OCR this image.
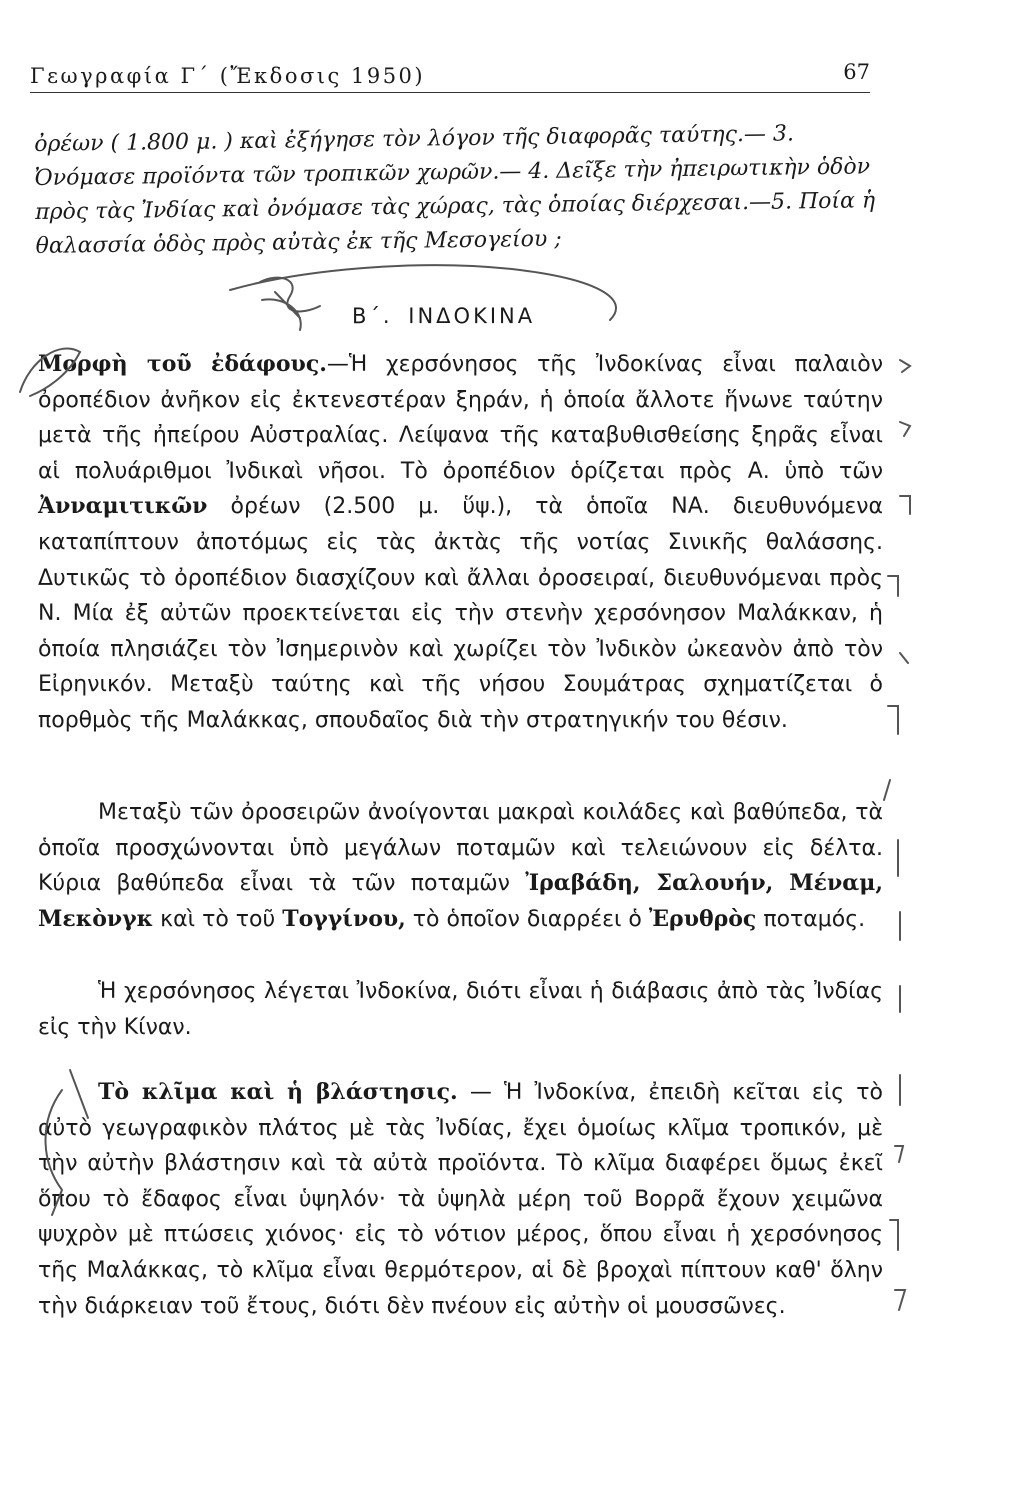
Γεωγραφία Γ΄ (Ἔκδοσις 1950)	67

ὀρέων ( 1.800 μ. ) καὶ ἐξήγησε τὸν λόγον τῆς διαφορᾶς ταύτης.— 3. Ὀνόμασε προϊόντα τῶν τροπικῶν χωρῶν.— 4. Δεῖξε τὴν ἠπειρωτικὴν ὁδὸν πρὸς τὰς Ἰνδίας καὶ ὀνόμασε τὰς χώρας, τὰς ὁποίας διέρχεσαι.—5. Ποία ἡ θαλασσία ὁδὸς πρὸς αὐτὰς ἐκ τῆς Μεσογείου ;

Β΄. ΙΝΔΟΚΙΝΑ

Μορφὴ τοῦ ἐδάφους.—Ἡ χερσόνησος τῆς Ἰνδοκίνας εἶναι παλαιὸν ὀροπέδιον ἀνῆκον εἰς ἐκτενεστέραν ξηράν, ἡ ὁποία ἄλλοτε ἥνωνε ταύτην μετὰ τῆς ἠπείρου Αὐστραλίας. Λείψανα τῆς καταβυθισθείσης ξηρᾶς εἶναι αἱ πολυάριθμοι Ἰνδικαὶ νῆσοι. Τὸ ὀροπέδιον ὁρίζεται πρὸς Α. ὑπὸ τῶν Ἀνναμιτικῶν ὀρέων (2.500 μ. ὕψ.), τὰ ὁποῖα ΝΑ. διευθυνόμενα καταπίπτουν ἀποτόμως εἰς τὰς ἀκτὰς τῆς νοτίας Σινικῆς θαλάσσης. Δυτικῶς τὸ ὀροπέδιον διασχίζουν καὶ ἄλλαι ὀροσειραί, διευθυνόμεναι πρὸς Ν. Μία ἐξ αὐτῶν προεκτείνεται εἰς τὴν στενὴν χερσόνησον Μαλάκκαν, ἡ ὁποία πλησιάζει τὸν Ἰσημερινὸν καὶ χωρίζει τὸν Ἰνδικὸν ὠκεανὸν ἀπὸ τὸν Εἰρηνικόν. Μεταξὺ ταύτης καὶ τῆς νήσου Σουμάτρας σχηματίζεται ὁ πορθμὸς τῆς Μαλάκκας, σπουδαῖος διὰ τὴν στρατηγικήν του θέσιν.

Μεταξὺ τῶν ὀροσειρῶν ἀνοίγονται μακραὶ κοιλάδες καὶ βαθύπεδα, τὰ ὁποῖα προσχώνονται ὑπὸ μεγάλων ποταμῶν καὶ τελειώνουν εἰς δέλτα. Κύρια βαθύπεδα εἶναι τὰ τῶν ποταμῶν Ἰραβάδη, Σαλουήν, Μέναμ, Μεκὸνγκ καὶ τὸ τοῦ Τογγίνου, τὸ ὁποῖον διαρρέει ὁ Ἐρυθρὸς ποταμός.

Ἡ χερσόνησος λέγεται Ἰνδοκίνα, διότι εἶναι ἡ διάβασις ἀπὸ τὰς Ἰνδίας εἰς τὴν Κίναν.

Τὸ κλῖμα καὶ ἡ βλάστησις. — Ἡ Ἰνδοκίνα, ἐπειδὴ κεῖται εἰς τὸ αὐτὸ γεωγραφικὸν πλάτος μὲ τὰς Ἰνδίας, ἔχει ὁμοίως κλῖμα τροπικόν, μὲ τὴν αὐτὴν βλάστησιν καὶ τὰ αὐτὰ προϊόντα. Τὸ κλῖμα διαφέρει ὅμως ἐκεῖ ὅπου τὸ ἔδαφος εἶναι ὑψηλόν· τὰ ὑψηλὰ μέρη τοῦ Βορρᾶ ἔχουν χειμῶνα ψυχρὸν μὲ πτώσεις χιόνος· εἰς τὸ νότιον μέρος, ὅπου εἶναι ἡ χερσόνησος τῆς Μαλάκκας, τὸ κλῖμα εἶναι θερμότερον, αἱ δὲ βροχαὶ πίπτουν καθ' ὅλην τὴν διάρκειαν τοῦ ἔτους, διότι δὲν πνέουν εἰς αὐτὴν οἱ μουσσῶνες.
